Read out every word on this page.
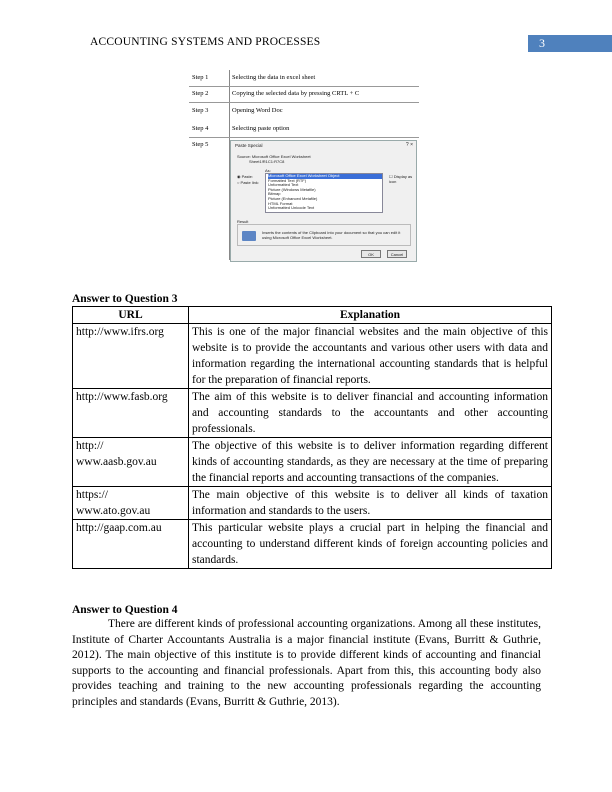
ACCOUNTING SYSTEMS AND PROCESSES	3
Step 1	Selecting the data in excel sheet
Step 2	Copying the selected data by pressing CRTL + C
Step 3	Opening Word Doc
Step 4	Selecting paste option
Step 5	Paste Special	? ×
Source: Microsoft Office Excel Worksheet
Sheet1!R1C1:R7C8
As:
◉ Paste:
○ Paste link:
Microsoft Office Excel Worksheet Object
Formatted Text (RTF)
Unformatted Text
Picture (Windows Metafile)
Bitmap
Picture (Enhanced Metafile)
HTML Format
Unformatted Unicode Text
☐ Display as icon
Result
Inserts the contents of the Clipboard into your document so that you can edit it using Microsoft Office Excel Worksheet.
OK	Cancel
Answer to Question 3
URL	Explanation
http://www.ifrs.org	This is one of the major financial websites and the main objective of this website is to provide the accountants and various other users with data and information regarding the international accounting standards that is helpful for the preparation of financial reports.
http://www.fasb.org	The aim of this website is to deliver financial and accounting information and accounting standards to the accountants and other accounting professionals.
http:// www.aasb.gov.au	The objective of this website is to deliver information regarding different kinds of accounting standards, as they are necessary at the time of preparing the financial reports and accounting transactions of the companies.
https:// www.ato.gov.au	The main objective of this website is to deliver all kinds of taxation information and standards to the users.
http://gaap.com.au	This particular website plays a crucial part in helping the financial and accounting to understand different kinds of foreign accounting policies and standards.
Answer to Question 4

There are different kinds of professional accounting organizations. Among all these institutes, Institute of Charter Accountants Australia is a major financial institute (Evans, Burritt & Guthrie, 2012). The main objective of this institute is to provide different kinds of accounting and financial supports to the accounting and financial professionals. Apart from this, this accounting body also provides teaching and training to the new accounting professionals regarding the accounting principles and standards (Evans, Burritt & Guthrie, 2013).
